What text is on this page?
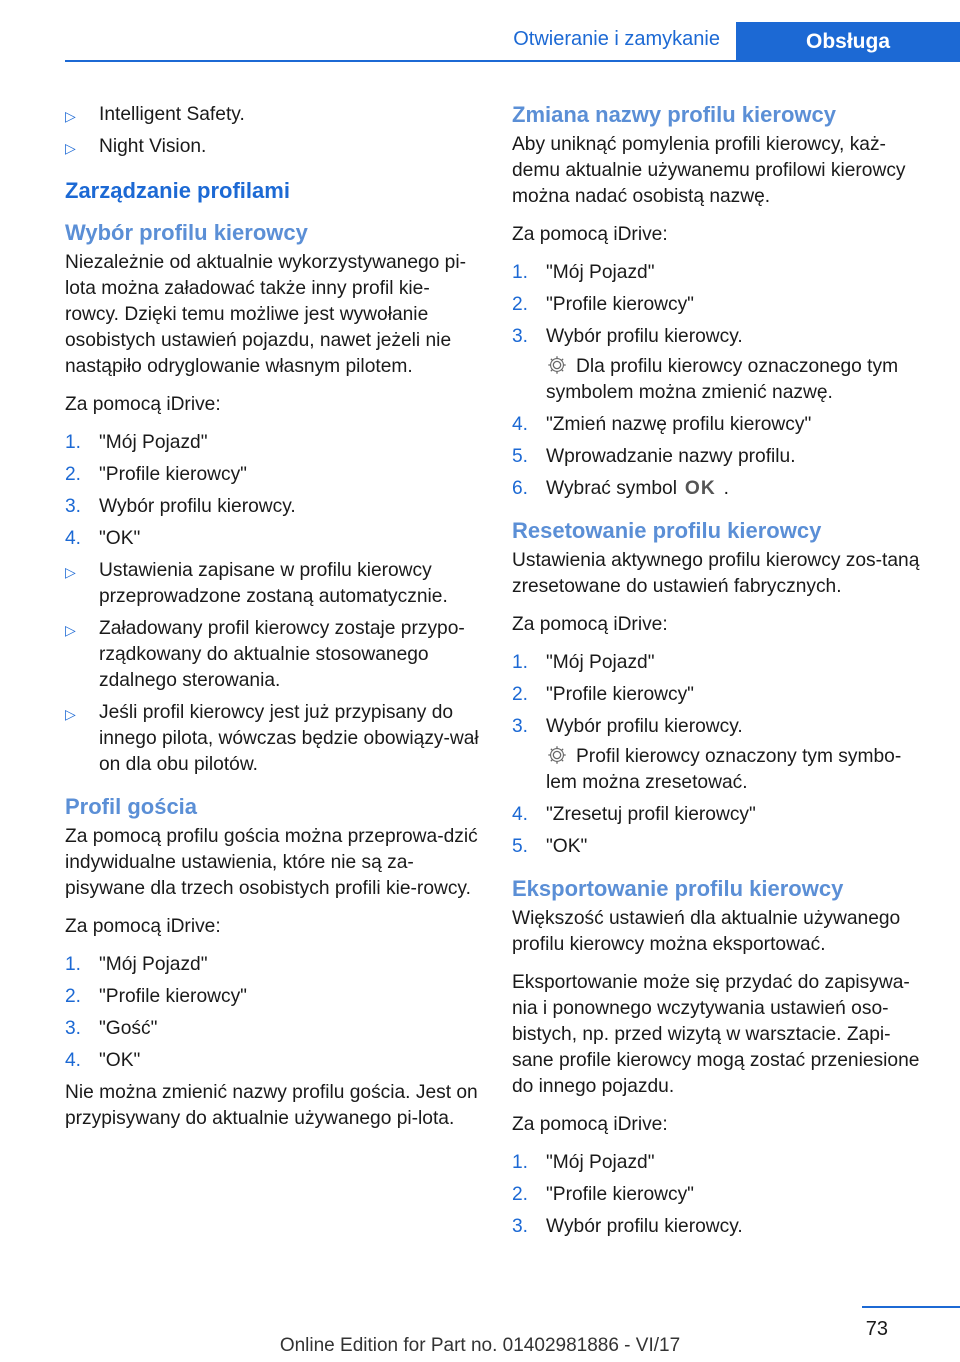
Otwieranie i zamykanie	Obsługa
▷ Intelligent Safety.
▷ Night Vision.
Zarządzanie profilami
Wybór profilu kierowcy

Niezależnie od aktualnie wykorzystywanego pi-lota można załadować także inny profil kie-rowcy. Dzięki temu możliwe jest wywołanie osobistych ustawień pojazdu, nawet jeżeli nie nastąpiło odryglowanie własnym pilotem.

Za pomocą iDrive:

1. "Mój Pojazd"
2. "Profile kierowcy"
3. Wybór profilu kierowcy.
4. "OK"
▷ Ustawienia zapisane w profilu kierowcy przeprowadzone zostaną automatycznie.
▷ Załadowany profil kierowcy zostaje przypo-rządkowany do aktualnie stosowanego zdalnego sterowania.
▷ Jeśli profil kierowcy jest już przypisany do innego pilota, wówczas będzie obowiązy-wał on dla obu pilotów.
Profil gościa

Za pomocą profilu gościa można przeprowa-dzić indywidualne ustawienia, które nie są za-pisywane dla trzech osobistych profili kie-rowcy.

Za pomocą iDrive:

1. "Mój Pojazd"
2. "Profile kierowcy"
3. "Gość"
4. "OK"

Nie można zmienić nazwy profilu gościa. Jest on przypisywany do aktualnie używanego pi-lota.

Zmiana nazwy profilu kierowcy

Aby uniknąć pomylenia profili kierowcy, każ-demu aktualnie używanemu profilowi kierowcy można nadać osobistą nazwę.

Za pomocą iDrive:

1. "Mój Pojazd"
2. "Profile kierowcy"
3. Wybór profilu kierowcy.
Dla profilu kierowcy oznaczonego tym symbolem można zmienić nazwę.
4. "Zmień nazwę profilu kierowcy"
5. Wprowadzanie nazwy profilu.
6. Wybrać symbol OK .
Resetowanie profilu kierowcy

Ustawienia aktywnego profilu kierowcy zos-taną zresetowane do ustawień fabrycznych.

Za pomocą iDrive:

1. "Mój Pojazd"
2. "Profile kierowcy"
3. Wybór profilu kierowcy.
Profil kierowcy oznaczony tym symbo-lem można zresetować.
4. "Zresetuj profil kierowcy"
5. "OK"
Eksportowanie profilu kierowcy

Większość ustawień dla aktualnie używanego profilu kierowcy można eksportować.

Eksportowanie może się przydać do zapisywa-nia i ponownego wczytywania ustawień oso-bistych, np. przed wizytą w warsztacie. Zapi-sane profile kierowcy mogą zostać przeniesione do innego pojazdu.

Za pomocą iDrive:

1. "Mój Pojazd"
2. "Profile kierowcy"
3. Wybór profilu kierowcy.
73
Online Edition for Part no. 01402981886 - VI/17
